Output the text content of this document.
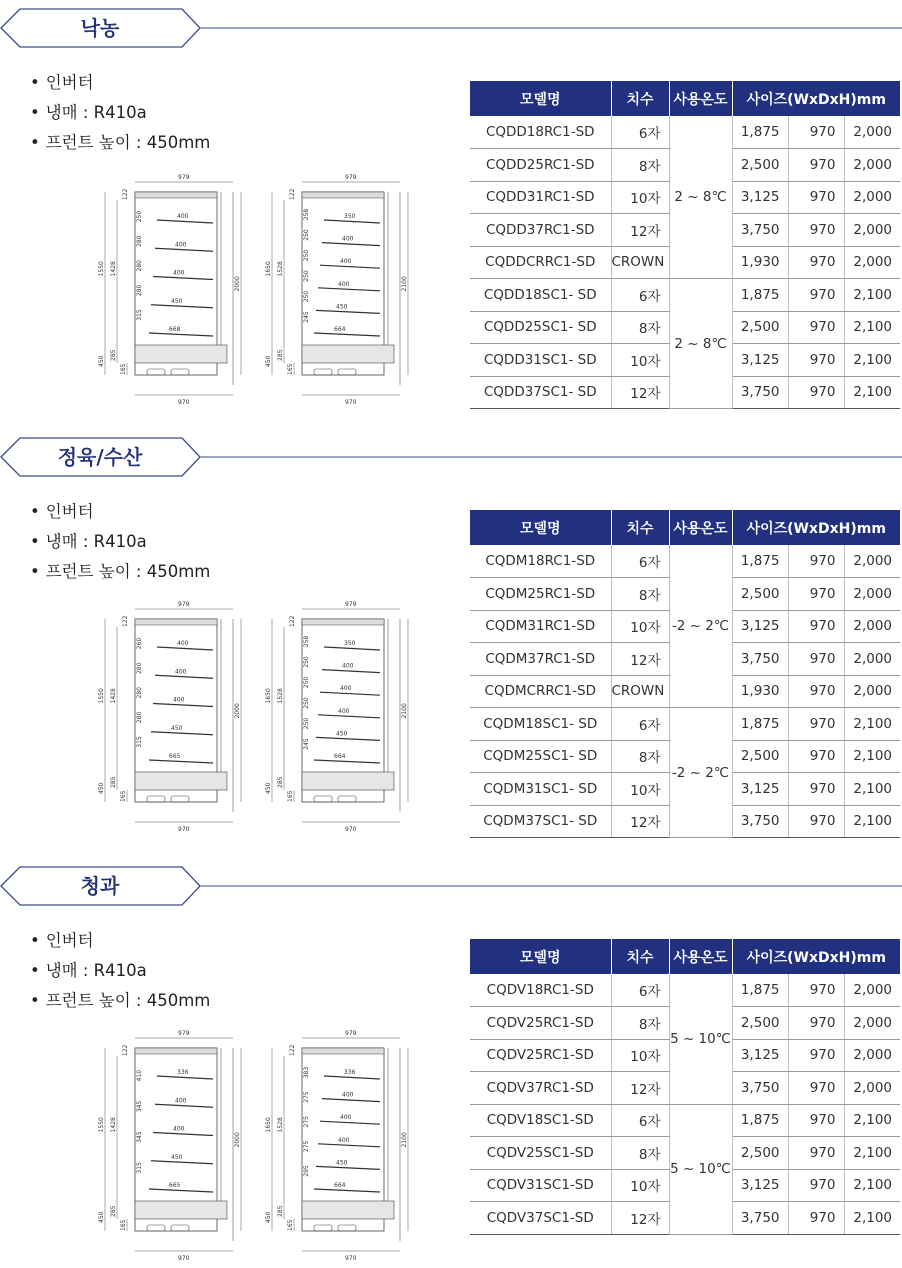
낙농
• 인버터
• 냉매 : R410a
• 프런트 높이 : 450mm
979
970
400
400
400
450
668
250
280
280
280
315
1550 1428
122
450
285
165
2000
979
970
350
400
400
400
450
664
258
250
250
250
250
245
1650 1528
122
450
285
165
2100
모델명	치수	사용온도	사이즈(WxDxH)mm		
CQDD18RC1-SD	6자	2 ~ 8℃	1,875	970	2,000
CQDD25RC1-SD	8자		2,500	970	2,000
CQDD31RC1-SD	10자		3,125	970	2,000
CQDD37RC1-SD	12자		3,750	970	2,000
CQDDCRRC1-SD	CROWN		1,930	970	2,000
CQDD18SC1- SD	6자	2 ~ 8℃	1,875	970	2,100
CQDD25SC1- SD	8자		2,500	970	2,100
CQDD31SC1- SD	10자		3,125	970	2,100
CQDD37SC1- SD	12자		3,750	970	2,100
정육/수산
• 인버터
• 냉매 : R410a
• 프런트 높이 : 450mm
979
970
400
400
400
450
665
260
280
280
280
315
1550 1428
122
450
285
165
2000
979
970
350
400
400
400
450
664
258
250
250
250
250
245
1650 1528
122
450
285
165
2100
모델명	치수	사용온도	사이즈(WxDxH)mm		
CQDM18RC1-SD	6자	-2 ~ 2℃	1,875	970	2,000
CQDM25RC1-SD	8자		2,500	970	2,000
CQDM31RC1-SD	10자		3,125	970	2,000
CQDM37RC1-SD	12자		3,750	970	2,000
CQDMCRRC1-SD	CROWN		1,930	970	2,000
CQDM18SC1- SD	6자	-2 ~ 2℃	1,875	970	2,100
CQDM25SC1- SD	8자		2,500	970	2,100
CQDM31SC1- SD	10자		3,125	970	2,100
CQDM37SC1- SD	12자		3,750	970	2,100
청과
• 인버터
• 냉매 : R410a
• 프런트 높이 : 450mm
979
970
336
400
400
450
665
410
345
345
315
1550 1428
122
450
285
165
2000
979
970
336
400
400
400
450
664
383
275
275
275
295
1650 1528
122
450
285
165
2100
모델명	치수	사용온도	사이즈(WxDxH)mm		
CQDV18RC1-SD	6자	5 ~ 10℃	1,875	970	2,000
CQDV25RC1-SD	8자		2,500	970	2,000
CQDV25RC1-SD	10자		3,125	970	2,000
CQDV37RC1-SD	12자		3,750	970	2,000
CQDV18SC1-SD	6자	5 ~ 10℃	1,875	970	2,100
CQDV25SC1-SD	8자		2,500	970	2,100
CQDV31SC1-SD	10자		3,125	970	2,100
CQDV37SC1-SD	12자		3,750	970	2,100
